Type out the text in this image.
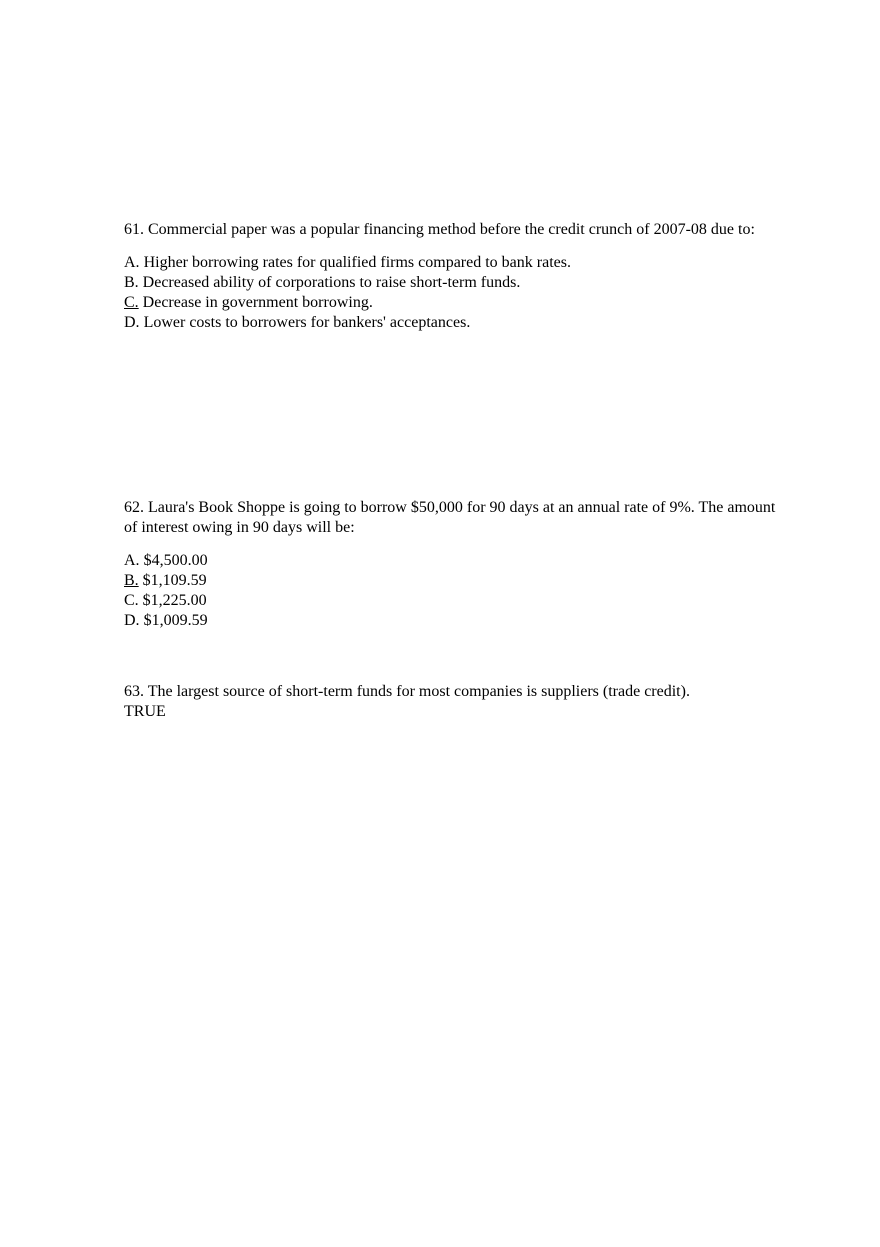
61. Commercial paper was a popular financing method before the credit crunch of 2007-08 due to:

A. Higher borrowing rates for qualified firms compared to bank rates.
B. Decreased ability of corporations to raise short-term funds.
C. Decrease in government borrowing.
D. Lower costs to borrowers for bankers' acceptances.

62. Laura's Book Shoppe is going to borrow $50,000 for 90 days at an annual rate of 9%. The amount of interest owing in 90 days will be:

A. $4,500.00
B. $1,109.59
C. $1,225.00
D. $1,009.59

63. The largest source of short-term funds for most companies is suppliers (trade credit).

TRUE
